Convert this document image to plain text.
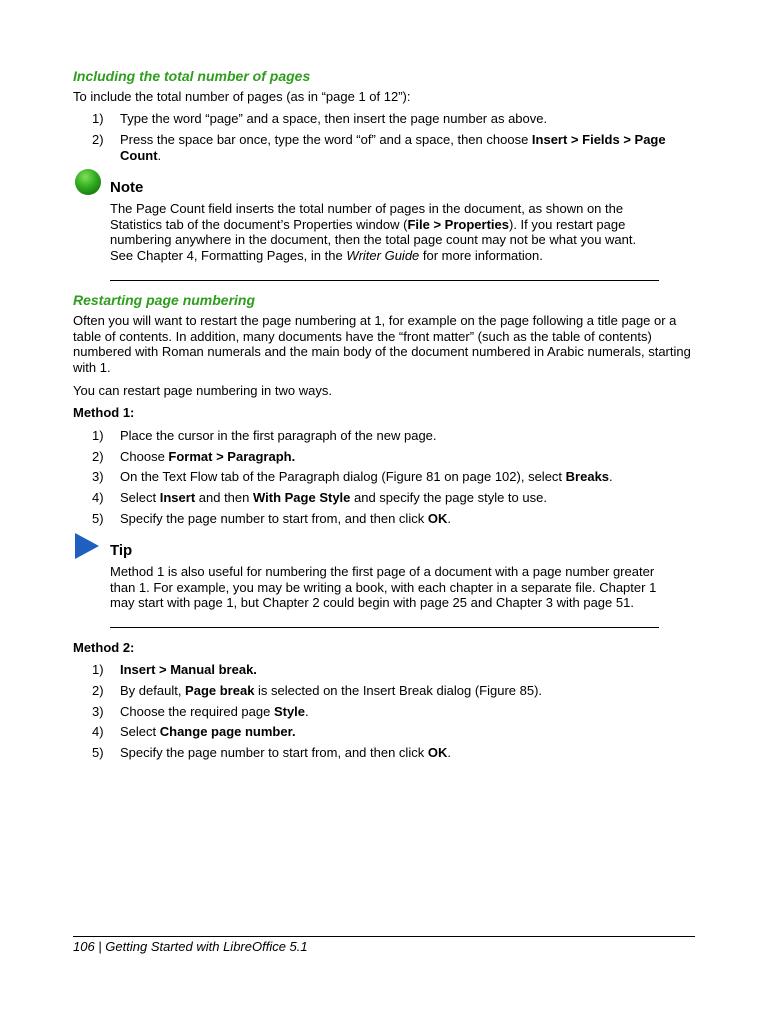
Including the total number of pages
To include the total number of pages (as in “page 1 of 12”):
1)	Type the word “page” and a space, then insert the page number as above.
2)	Press the space bar once, type the word “of” and a space, then choose Insert > Fields > Page Count.
Note
The Page Count field inserts the total number of pages in the document, as shown on the Statistics tab of the document’s Properties window (File > Properties). If you restart page numbering anywhere in the document, then the total page count may not be what you want. See Chapter 4, Formatting Pages, in the Writer Guide for more information.
Restarting page numbering
Often you will want to restart the page numbering at 1, for example on the page following a title page or a table of contents. In addition, many documents have the “front matter” (such as the table of contents) numbered with Roman numerals and the main body of the document numbered in Arabic numerals, starting with 1.
You can restart page numbering in two ways.
Method 1:
1)	Place the cursor in the first paragraph of the new page.
2)	Choose Format > Paragraph.
3)	On the Text Flow tab of the Paragraph dialog (Figure 81 on page 102), select Breaks.
4)	Select Insert and then With Page Style and specify the page style to use.
5)	Specify the page number to start from, and then click OK.
Tip
Method 1 is also useful for numbering the first page of a document with a page number greater than 1. For example, you may be writing a book, with each chapter in a separate file. Chapter 1 may start with page 1, but Chapter 2 could begin with page 25 and Chapter 3 with page 51.
Method 2:
1)	Insert > Manual break.
2)	By default, Page break is selected on the Insert Break dialog (Figure 85).
3)	Choose the required page Style.
4)	Select Change page number.
5)	Specify the page number to start from, and then click OK.
106 | Getting Started with LibreOffice 5.1
